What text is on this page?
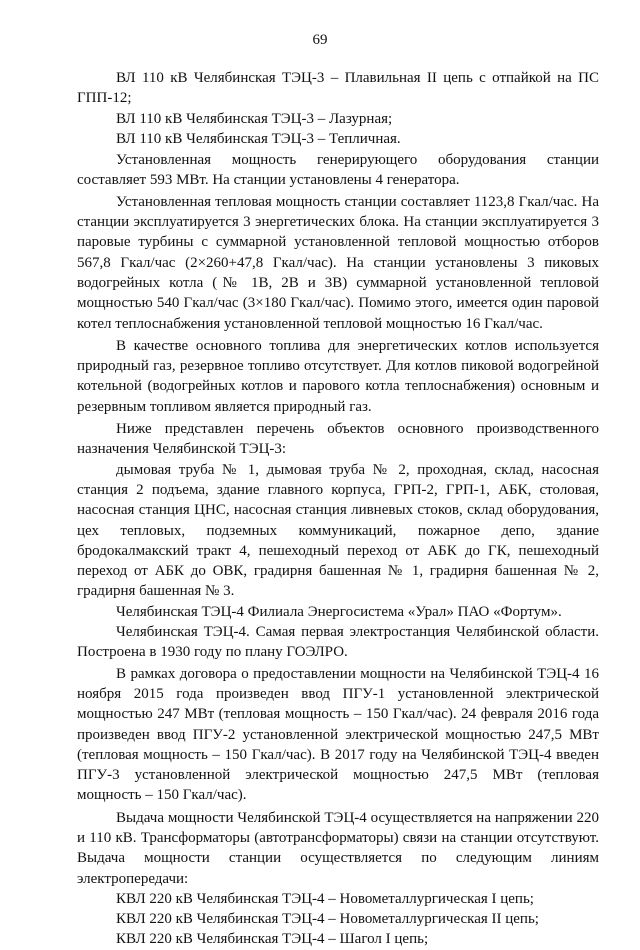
69

ВЛ 110 кВ Челябинская ТЭЦ-3 – Плавильная II цепь с отпайкой на ПС ГПП-12;

ВЛ 110 кВ Челябинская ТЭЦ-3 – Лазурная;

ВЛ 110 кВ Челябинская ТЭЦ-3 – Тепличная.

Установленная мощность генерирующего оборудования станции составляет 593 МВт. На станции установлены 4 генератора.

Установленная тепловая мощность станции составляет 1123,8 Гкал/час. На станции эксплуатируется 3 энергетических блока. На станции эксплуатируется 3 паровые турбины с суммарной установленной тепловой мощностью отборов 567,8 Гкал/час (2×260+47,8 Гкал/час). На станции установлены 3 пиковых водогрейных котла (№ 1В, 2В и 3В) суммарной установленной тепловой мощностью 540 Гкал/час (3×180 Гкал/час). Помимо этого, имеется один паровой котел теплоснабжения установленной тепловой мощностью 16 Гкал/час.

В качестве основного топлива для энергетических котлов используется природный газ, резервное топливо отсутствует. Для котлов пиковой водогрейной котельной (водогрейных котлов и парового котла теплоснабжения) основным и резервным топливом является природный газ.

Ниже представлен перечень объектов основного производственного назначения Челябинской ТЭЦ-3:

дымовая труба № 1, дымовая труба № 2, проходная, склад, насосная станция 2 подъема, здание главного корпуса, ГРП-2, ГРП-1, АБК, столовая, насосная станция ЦНС, насосная станция ливневых стоков, склад оборудования, цех тепловых, подземных коммуникаций, пожарное депо, здание бродокалмакский тракт 4, пешеходный переход от АБК до ГК, пешеходный переход от АБК до ОВК, градирня башенная № 1, градирня башенная № 2, градирня башенная № 3.

Челябинская ТЭЦ-4 Филиала Энергосистема «Урал» ПАО «Фортум».

Челябинская ТЭЦ-4. Самая первая электростанция Челябинской области. Построена в 1930 году по плану ГОЭЛРО.

В рамках договора о предоставлении мощности на Челябинской ТЭЦ-4 16 ноября 2015 года произведен ввод ПГУ-1 установленной электрической мощностью 247 МВт (тепловая мощность – 150 Гкал/час). 24 февраля 2016 года произведен ввод ПГУ-2 установленной электрической мощностью 247,5 МВт (тепловая мощность – 150 Гкал/час). В 2017 году на Челябинской ТЭЦ-4 введен ПГУ-3 установленной электрической мощностью 247,5 МВт (тепловая мощность – 150 Гкал/час).

Выдача мощности Челябинской ТЭЦ-4 осуществляется на напряжении 220 и 110 кВ. Трансформаторы (автотрансформаторы) связи на станции отсутствуют. Выдача мощности станции осуществляется по следующим линиям электропередачи:

КВЛ 220 кВ Челябинская ТЭЦ-4 – Новометаллургическая I цепь;

КВЛ 220 кВ Челябинская ТЭЦ-4 – Новометаллургическая II цепь;

КВЛ 220 кВ Челябинская ТЭЦ-4 – Шагол I цепь;
